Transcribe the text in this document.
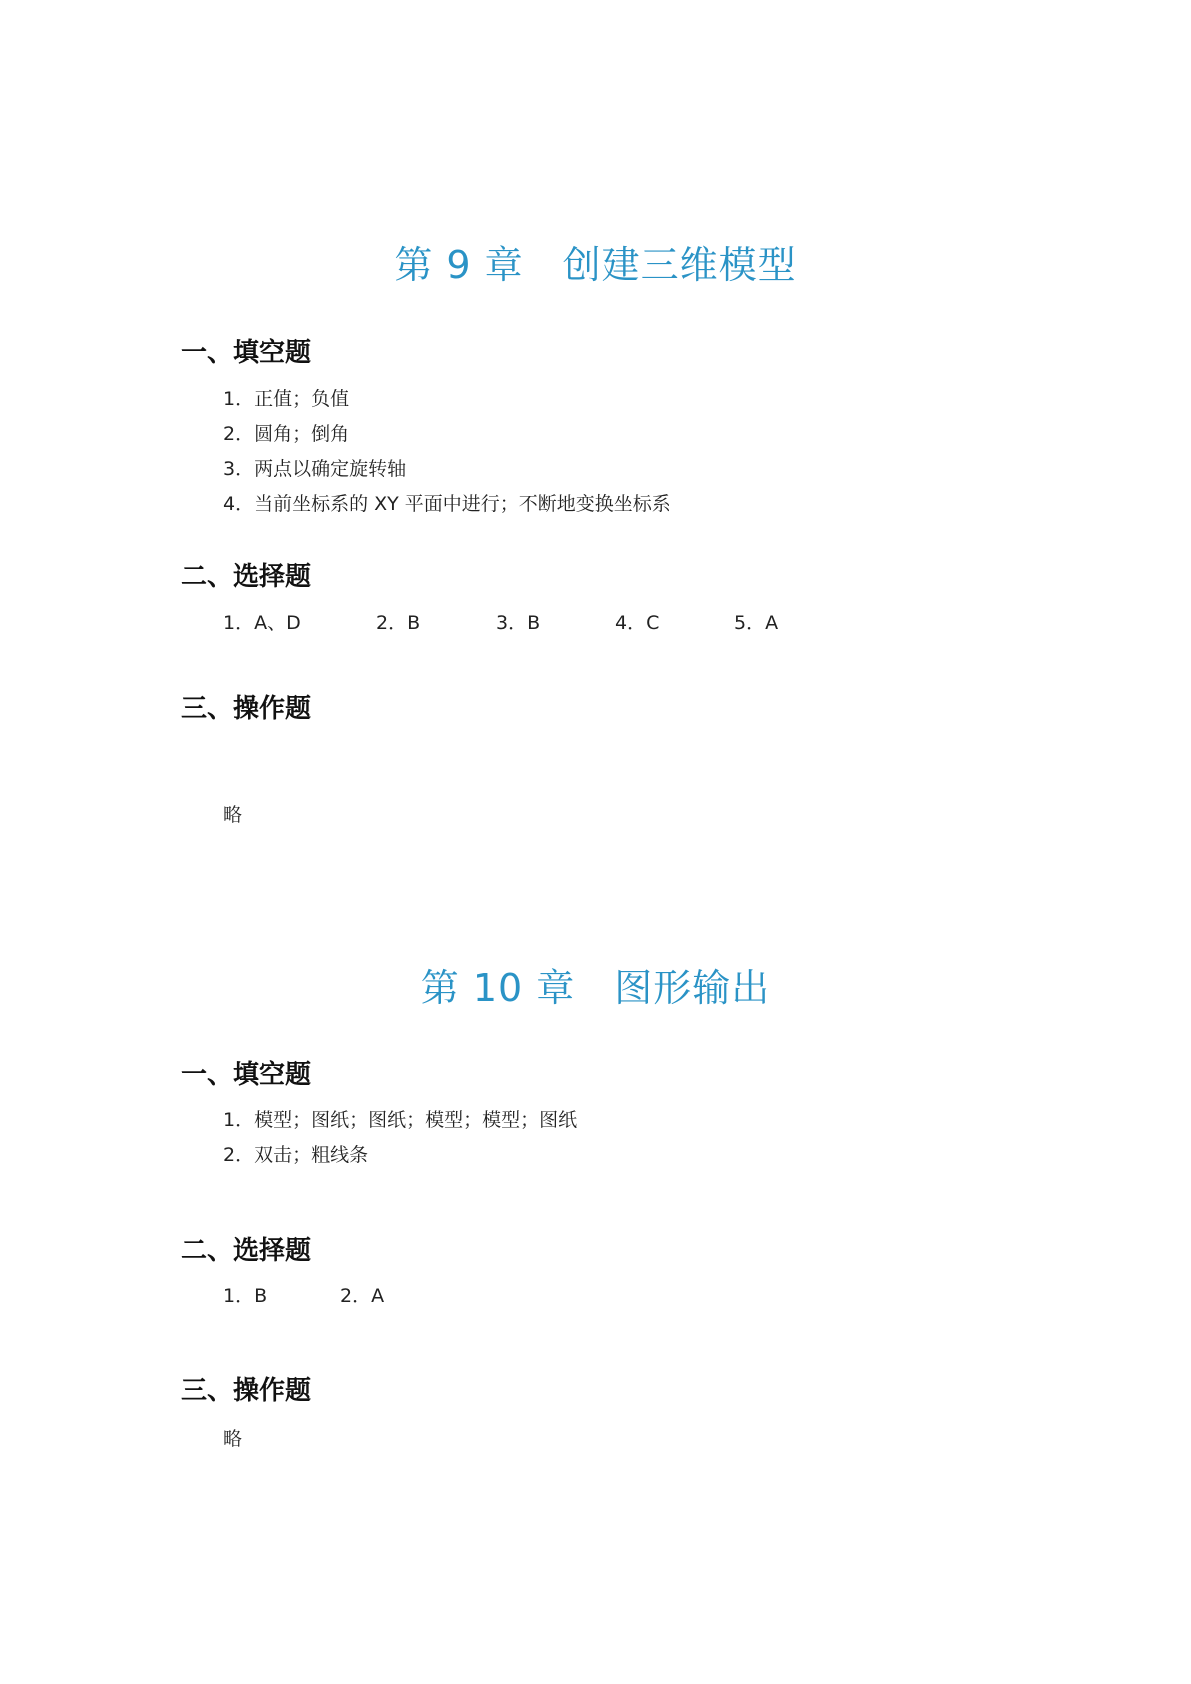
第 9 章　创建三维模型
一、填空题
1．正值；负值
2．圆角；倒角
3．两点以确定旋转轴
4．当前坐标系的 XY 平面中进行；不断地变换坐标系
二、选择题
1．A、D	2．B	3．B	4．C	5．A
三、操作题
略
第 10 章　图形输出
一、填空题
1．模型；图纸；图纸；模型；模型；图纸
2．双击；粗线条
二、选择题
1．B	2．A
三、操作题
略
